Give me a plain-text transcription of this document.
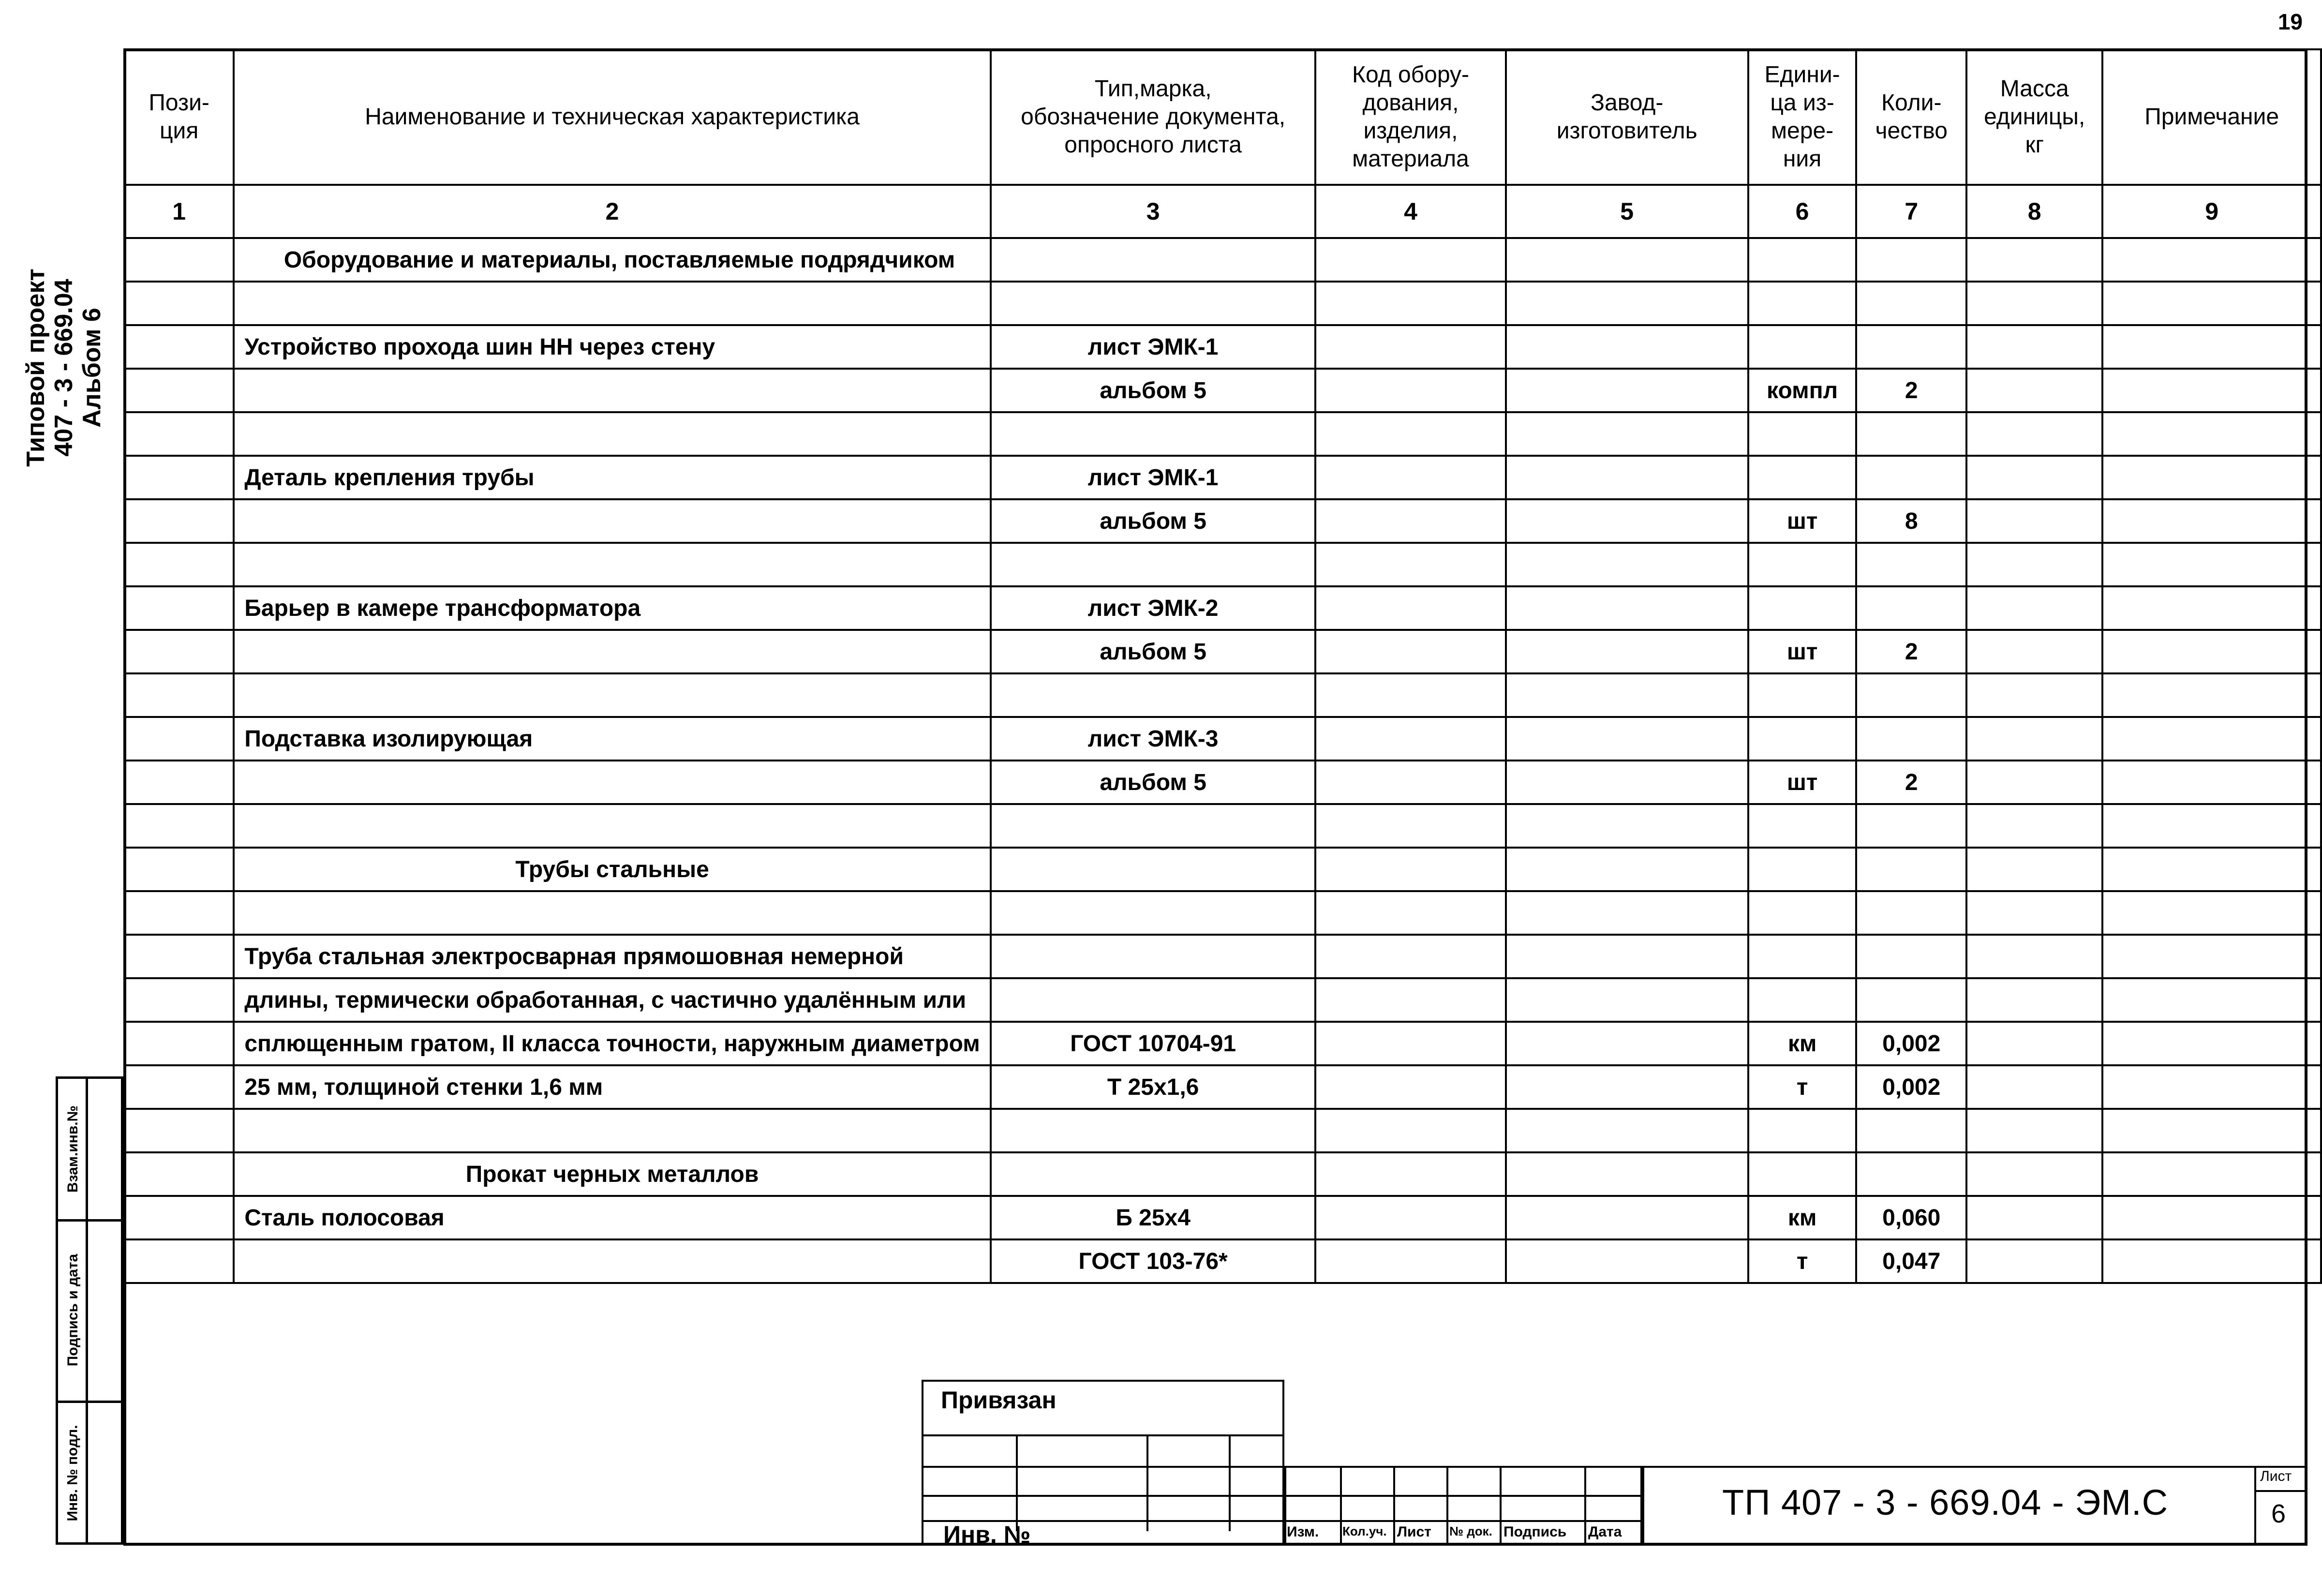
19
Типовой проект 407 - 3 - 669.04 Альбом 6
Взам.инв.№
Подпись и дата
Инв. № подл.
Пози-
ция	Наименование и техническая характеристика	Тип,марка,
обозначение документа,
опросного листа	Код обору-
дования,
изделия,
материала	Завод-
изготовитель	Едини-
ца из-
мере-
ния	Коли-
чество	Масса
единицы,
кг	Примечание
1	2	3	4	5	6	7	8	9
	Оборудование и материалы, поставляемые подрядчиком							

	Устройство прохода шин НН через стену	лист ЭМК-1						
		альбом 5			компл	2		

	Деталь крепления трубы	лист ЭМК-1						
		альбом 5			шт	8		

	Барьер в камере трансформатора	лист ЭМК-2						
		альбом 5			шт	2		

	Подставка изолирующая	лист ЭМК-3						
		альбом 5			шт	2		

	Трубы стальные							

	Труба стальная электросварная прямошовная немерной							
	длины, термически обработанная, с частично удалённым или							
	сплющенным гратом, II класса точности, наружным диаметром	ГОСТ 10704-91			км	0,002		
	25 мм, толщиной стенки 1,6 мм	Т 25х1,6			т	0,002		

	Прокат черных металлов							
	Сталь полосовая	Б 25х4			км	0,060		
		ГОСТ 103-76*			т	0,047		
Привязан
Инв. №	Изм. Кол.уч. Лист № док. Подпись Дата
ТП 407 - 3 - 669.04 - ЭМ.С
Лист
6
